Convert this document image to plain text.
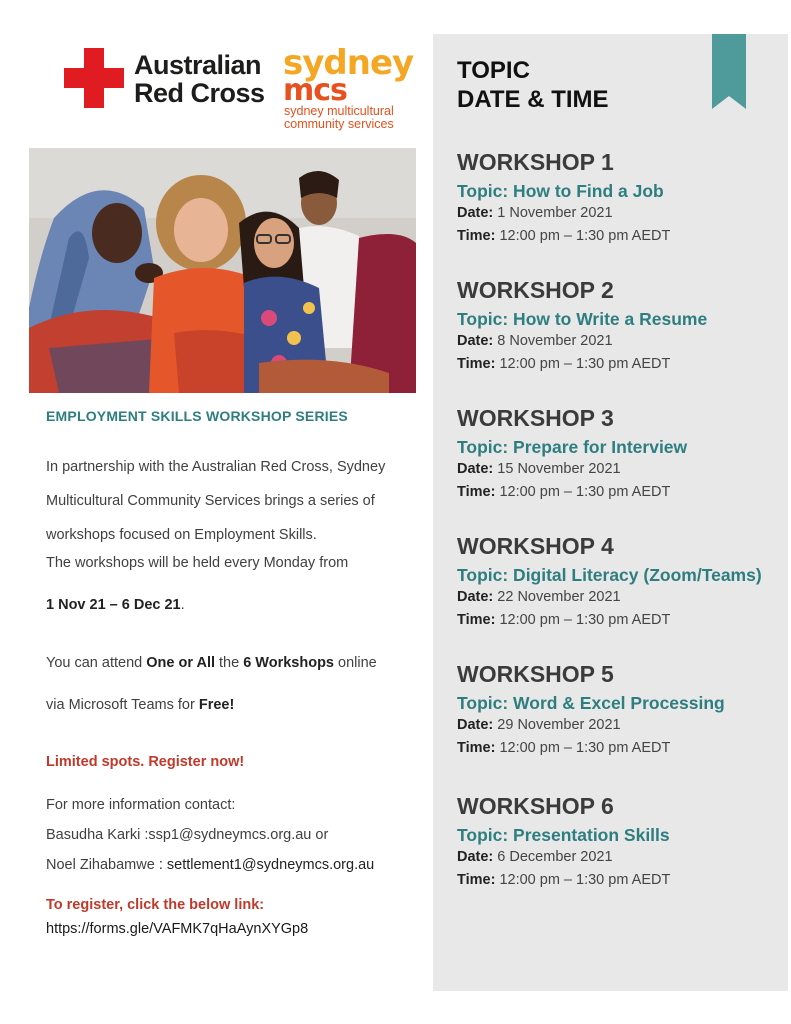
Australian
Red Cross
sydney
mcs
sydney multicultural
community services
EMPLOYMENT SKILLS WORKSHOP SERIES
In partnership with the Australian Red Cross, Sydney
Multicultural Community Services brings a series of
workshops focused on Employment Skills.
The workshops will be held every Monday from
1 Nov 21 – 6 Dec 21.
You can attend One or All the 6 Workshops online
via Microsoft Teams for Free!
Limited spots. Register now!
For more information contact:
Basudha Karki :ssp1@sydneymcs.org.au or
Noel Zihabamwe : settlement1@sydneymcs.org.au
To register, click the below link:
https://forms.gle/VAFMK7qHaAynXYGp8
TOPIC
DATE & TIME
WORKSHOP 1
Topic: How to Find a Job
Date: 1 November 2021
Time: 12:00 pm – 1:30 pm AEDT
WORKSHOP 2
Topic: How to Write a Resume
Date: 8 November 2021
Time: 12:00 pm – 1:30 pm AEDT
WORKSHOP 3
Topic: Prepare for Interview
Date: 15 November 2021
Time: 12:00 pm – 1:30 pm AEDT
WORKSHOP 4
Topic: Digital Literacy (Zoom/Teams)
Date: 22 November 2021
Time: 12:00 pm – 1:30 pm AEDT
WORKSHOP 5
Topic: Word & Excel Processing
Date: 29 November 2021
Time: 12:00 pm – 1:30 pm AEDT
WORKSHOP 6
Topic: Presentation Skills
Date: 6 December 2021
Time: 12:00 pm – 1:30 pm AEDT
